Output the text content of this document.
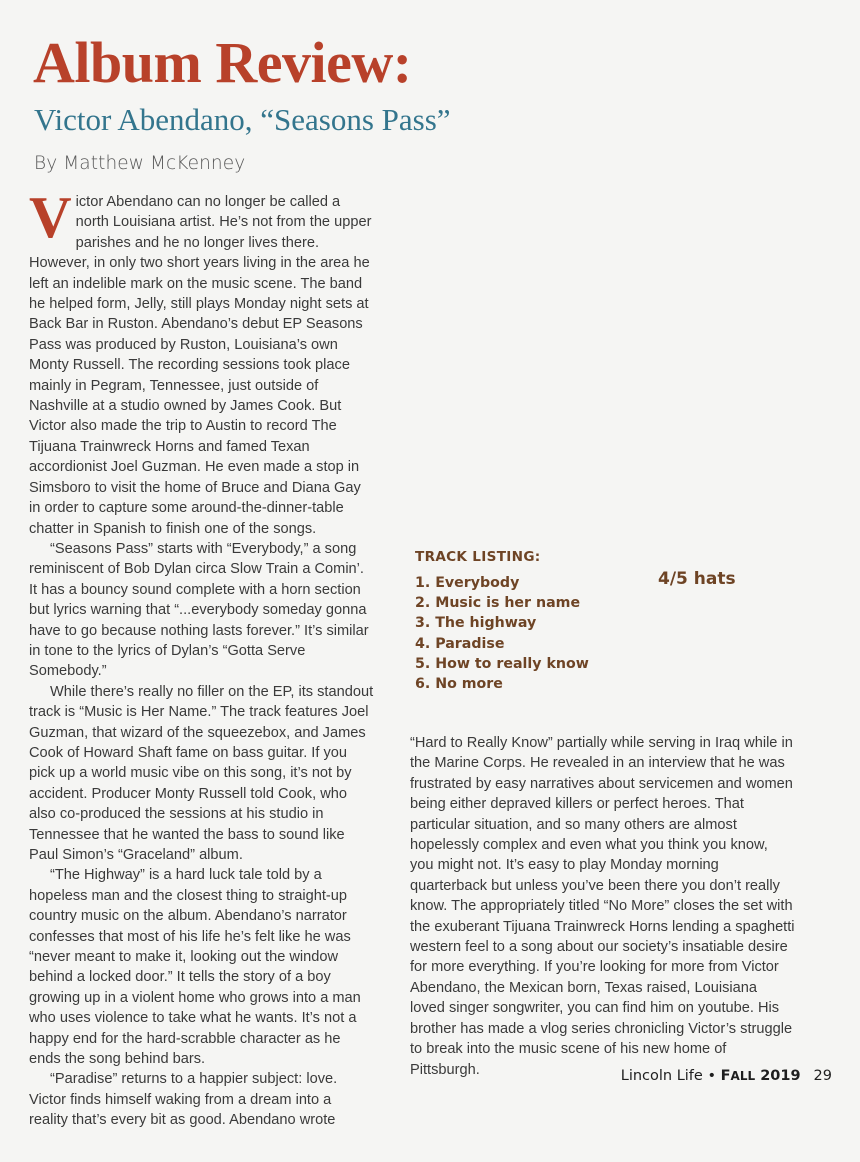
Album Review:
Victor Abendano, “Seasons Pass”
By Matthew McKenney

Victor Abendano can no longer be called a north Louisiana artist. He’s not from the upper parishes and he no longer lives there. However, in only two short years living in the area he left an indelible mark on the music scene. The band he helped form, Jelly, still plays Monday night sets at Back Bar in Ruston. Abendano’s debut EP Seasons Pass was produced by Ruston, Louisiana’s own Monty Russell. The recording sessions took place mainly in Pegram, Tennessee, just outside of Nashville at a studio owned by James Cook. But Victor also made the trip to Austin to record The Tijuana Trainwreck Horns and famed Texan accordionist Joel Guzman. He even made a stop in Simsboro to visit the home of Bruce and Diana Gay in order to capture some around-the-dinner-table chatter in Spanish to finish one of the songs.

“Seasons Pass” starts with “Everybody,” a song reminiscent of Bob Dylan circa Slow Train a Comin’. It has a bouncy sound complete with a horn section but lyrics warning that “...everybody someday gonna have to go because nothing lasts forever.” It’s similar in tone to the lyrics of Dylan’s “Gotta Serve Somebody.”

While there’s really no filler on the EP, its standout track is “Music is Her Name.” The track features Joel Guzman, that wizard of the squeezebox, and James Cook of Howard Shaft fame on bass guitar. If you pick up a world music vibe on this song, it’s not by accident. Producer Monty Russell told Cook, who also co-produced the sessions at his studio in Tennessee that he wanted the bass to sound like Paul Simon’s “Graceland” album.

“The Highway” is a hard luck tale told by a hopeless man and the closest thing to straight-up country music on the album. Abendano’s narrator confesses that most of his life he’s felt like he was “never meant to make it, looking out the window behind a locked door.” It tells the story of a boy growing up in a violent home who grows into a man who uses violence to take what he wants. It’s not a happy end for the hard-scrabble character as he ends the song behind bars.

“Paradise” returns to a happier subject: love. Victor finds himself waking from a dream into a reality that’s every bit as good. Abendano wrote

TRACK LISTING:
1. Everybody
2. Music is her name
3. The highway
4. Paradise
5. How to really know
6. No more
4/5 hats

“Hard to Really Know” partially while serving in Iraq while in the Marine Corps. He revealed in an interview that he was frustrated by easy narratives about servicemen and women being either depraved killers or perfect heroes. That particular situation, and so many others are almost hopelessly complex and even what you think you know, you might not. It’s easy to play Monday morning quarterback but unless you’ve been there you don’t really know. The appropriately titled “No More” closes the set with the exuberant Tijuana Trainwreck Horns lending a spaghetti western feel to a song about our society’s insatiable desire for more everything. If you’re looking for more from Victor Abendano, the Mexican born, Texas raised, Louisiana loved singer songwriter, you can find him on youtube. His brother has made a vlog series chronicling Victor’s struggle to break into the music scene of his new home of Pittsburgh.	Lincoln Life • FALL 2019 29
